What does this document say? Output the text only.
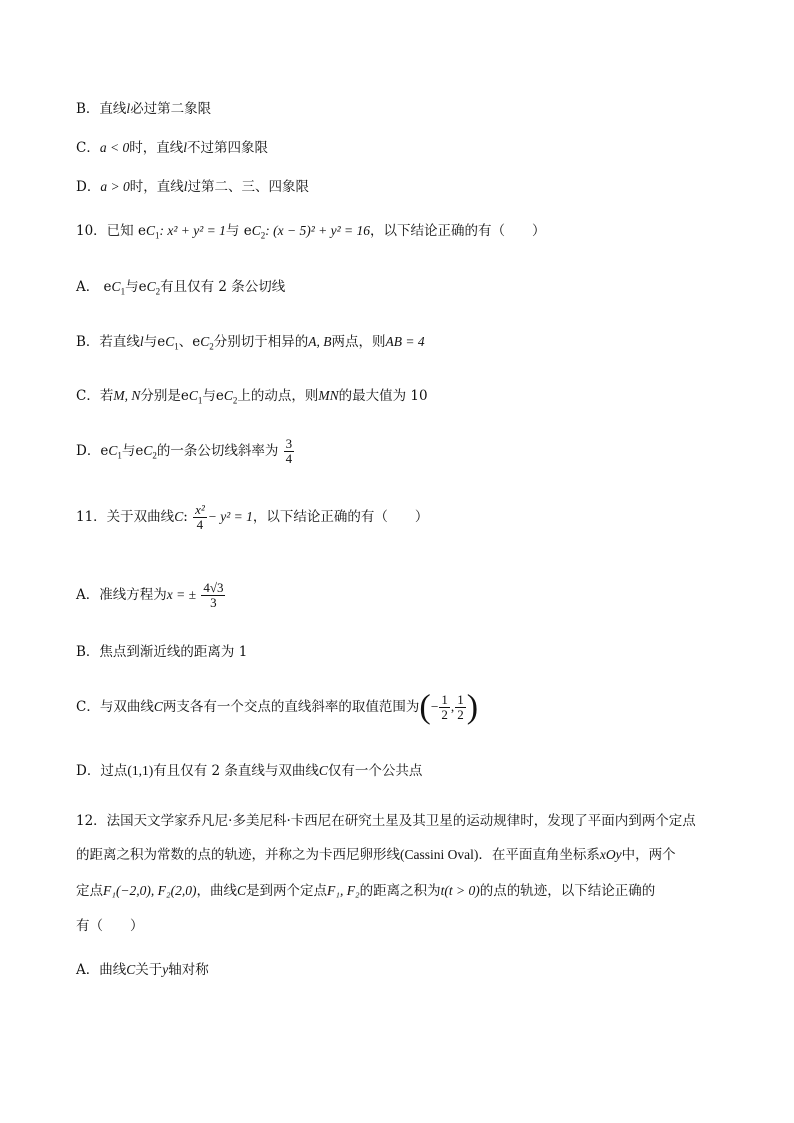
B．直线l必过第二象限
C．a < 0时，直线l不过第四象限
D．a > 0时，直线l过第二、三、四象限
10．已知 $eC_1$: x² + y² = 1与 $eC_2$: (x − 5)² + y² = 16，以下结论正确的有（　　）
A． $eC_1$与$eC_2$有且仅有 2 条公切线
B．若直线l与$eC_1$、$eC_2$分别切于相异的A, B两点，则AB = 4
C．若M, N分别是$eC_1$与$eC_2$上的动点，则MN的最大值为 10
D．$eC_1$与$eC_2$的一条公切线斜率为 $\frac{3}{4}$
11．关于双曲线C: $\frac{\text{x²}}{4} - y^2 = 1$，以下结论正确的有（　　）
A．准线方程为x = ± $\frac{4√3}{3}$
B．焦点到渐近线的距离为 1
C．与双曲线C两支各有一个交点的直线斜率的取值范围为(− $\frac{1}{2}$ , $\frac{1}{2}$ )
D．过点(1,1)有且仅有 2 条直线与双曲线C仅有一个公共点
12．法国天文学家乔凡尼·多美尼科·卡西尼在研究土星及其卫星的运动规律时，发现了平面内到两个定点
的距离之积为常数的点的轨迹，并称之为卡西尼卵形线(Cassini Oval)．在平面直角坐标系xOy中，两个
定点F₁(−2,0), F₂(2,0)，曲线C是到两个定点F₁, F₂的距离之积为t(t > 0)的点的轨迹，以下结论正确的
有（　　）
A．曲线C关于y轴对称
